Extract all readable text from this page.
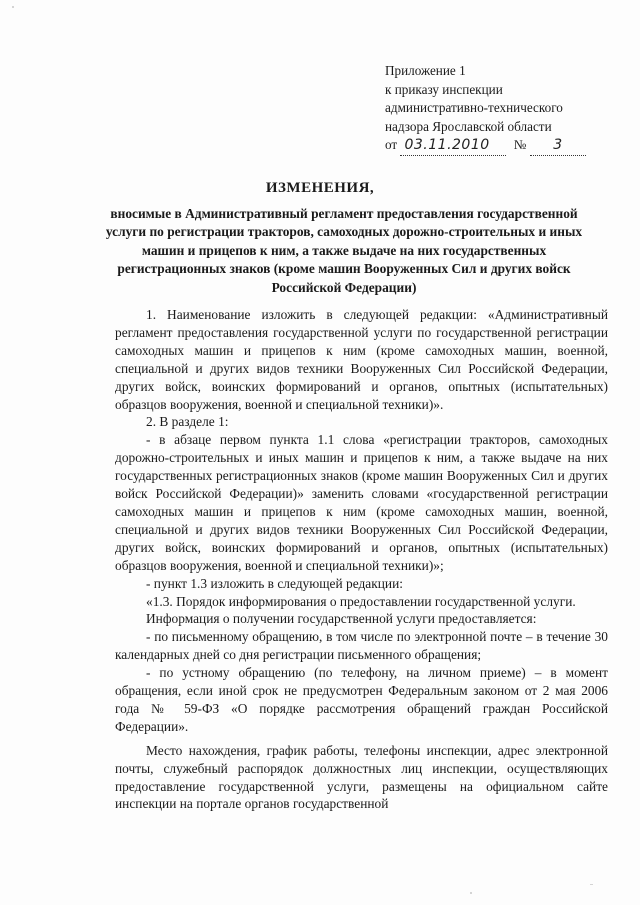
Приложение 1
к приказу инспекции
административно-технического
надзора Ярославской области
от 03.11.2010 № 3
ИЗМЕНЕНИЯ,
вносимые в Административный регламент предоставления государственной услуги по регистрации тракторов, самоходных дорожно-строительных и иных машин и прицепов к ним, а также выдаче на них государственных регистрационных знаков (кроме машин Вооруженных Сил и других войск Российской Федерации)

1. Наименование изложить в следующей редакции: «Административный регламент предоставления государственной услуги по государственной регистрации самоходных машин и прицепов к ним (кроме самоходных машин, военной, специальной и других видов техники Вооруженных Сил Российской Федерации, других войск, воинских формирований и органов, опытных (испытательных) образцов вооружения, военной и специальной техники)».

2. В разделе 1:

- в абзаце первом пункта 1.1 слова «регистрации тракторов, самоходных дорожно-строительных и иных машин и прицепов к ним, а также выдаче на них государственных регистрационных знаков (кроме машин Вооруженных Сил и других войск Российской Федерации)» заменить словами «государственной регистрации самоходных машин и прицепов к ним (кроме самоходных машин, военной, специальной и других видов техники Вооруженных Сил Российской Федерации, других войск, воинских формирований и органов, опытных (испытательных) образцов вооружения, военной и специальной техники)»;

- пункт 1.3 изложить в следующей редакции:

«1.3. Порядок информирования о предоставлении государственной услуги.

Информация о получении государственной услуги предоставляется:

- по письменному обращению, в том числе по электронной почте – в течение 30 календарных дней со дня регистрации письменного обращения;

- по устному обращению (по телефону, на личном приеме) – в момент обращения, если иной срок не предусмотрен Федеральным законом от 2 мая 2006 года № 59-ФЗ «О порядке рассмотрения обращений граждан Российской Федерации».

Место нахождения, график работы, телефоны инспекции, адрес электронной почты, служебный распорядок должностных лиц инспекции, осуществляющих предоставление государственной услуги, размещены на официальном сайте инспекции на портале органов государственной
